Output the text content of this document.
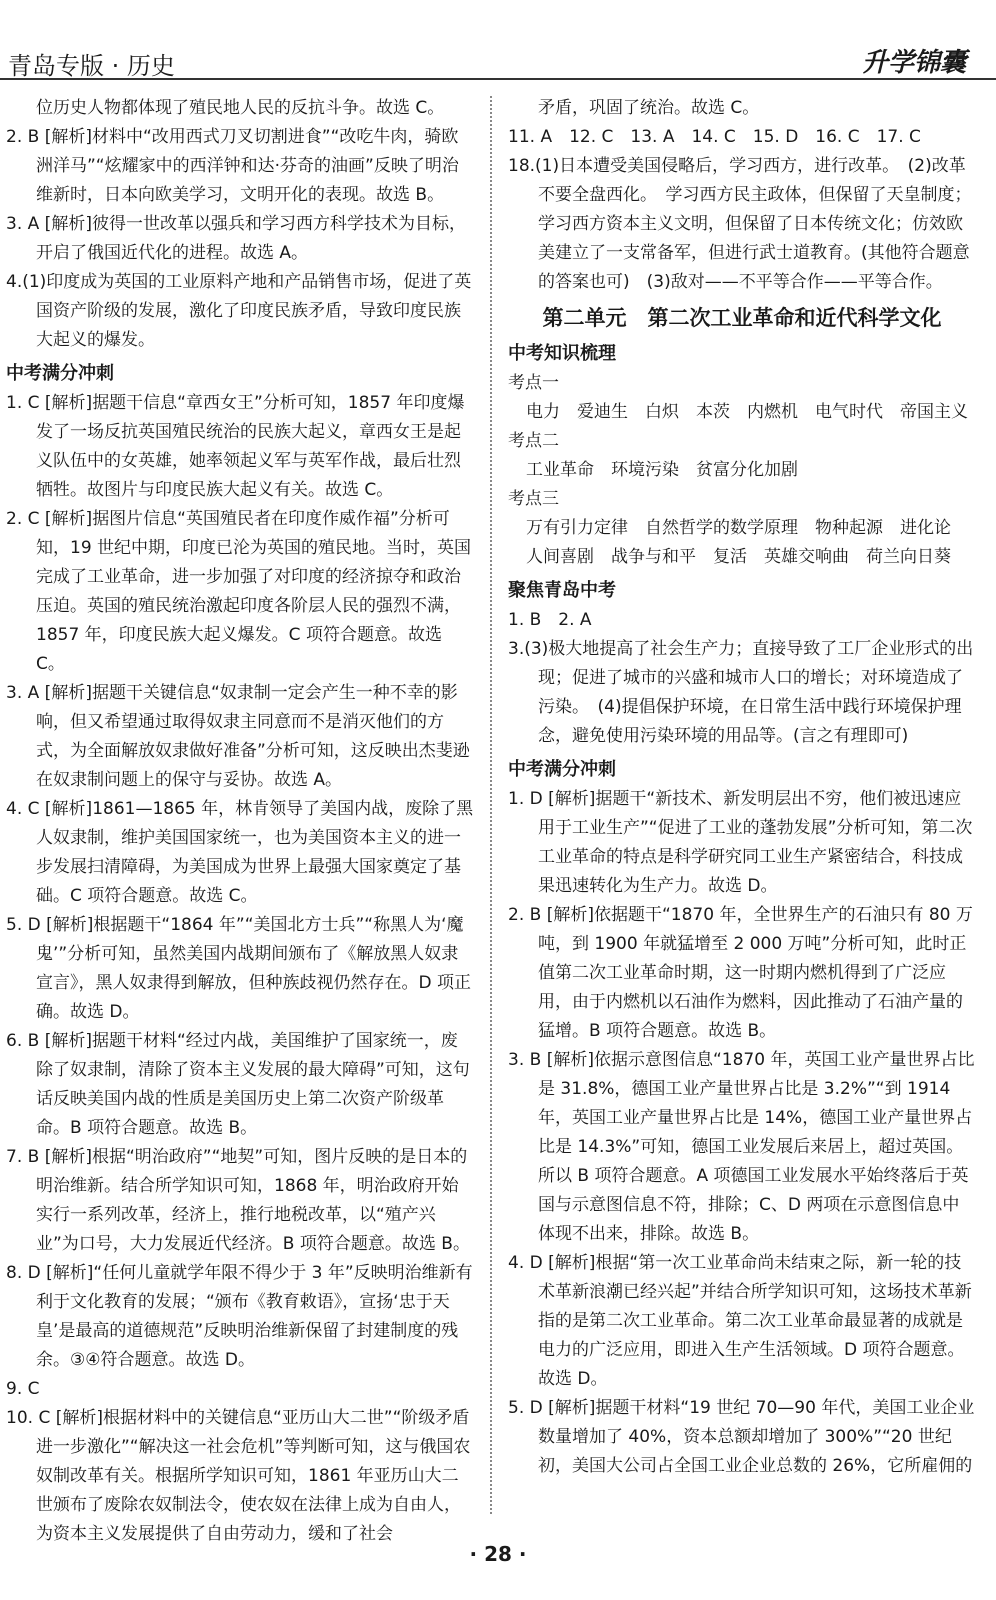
青岛专版 · 历史	升学锦囊

位历史人物都体现了殖民地人民的反抗斗争。故选 C。

2. B [解析]材料中“改用西式刀叉切割进食”“改吃牛肉，骑欧洲洋马”“炫耀家中的西洋钟和达·芬奇的油画”反映了明治维新时，日本向欧美学习，文明开化的表现。故选 B。

3. A [解析]彼得一世改革以强兵和学习西方科学技术为目标，开启了俄国近代化的进程。故选 A。

4.(1)印度成为英国的工业原料产地和产品销售市场，促进了英国资产阶级的发展，激化了印度民族矛盾，导致印度民族大起义的爆发。

中考满分冲刺

1. C [解析]据题干信息“章西女王”分析可知，1857 年印度爆发了一场反抗英国殖民统治的民族大起义，章西女王是起义队伍中的女英雄，她率领起义军与英军作战，最后壮烈牺牲。故图片与印度民族大起义有关。故选 C。

2. C [解析]据图片信息“英国殖民者在印度作威作福”分析可知，19 世纪中期，印度已沦为英国的殖民地。当时，英国完成了工业革命，进一步加强了对印度的经济掠夺和政治压迫。英国的殖民统治激起印度各阶层人民的强烈不满，1857 年，印度民族大起义爆发。C 项符合题意。故选 C。

3. A [解析]据题干关键信息“奴隶制一定会产生一种不幸的影响，但又希望通过取得奴隶主同意而不是消灭他们的方式，为全面解放奴隶做好准备”分析可知，这反映出杰斐逊在奴隶制问题上的保守与妥协。故选 A。

4. C [解析]1861—1865 年，林肯领导了美国内战，废除了黑人奴隶制，维护美国国家统一，也为美国资本主义的进一步发展扫清障碍，为美国成为世界上最强大国家奠定了基础。C 项符合题意。故选 C。

5. D [解析]根据题干“1864 年”“美国北方士兵”“称黑人为‘魔鬼’”分析可知，虽然美国内战期间颁布了《解放黑人奴隶宣言》，黑人奴隶得到解放，但种族歧视仍然存在。D 项正确。故选 D。

6. B [解析]据题干材料“经过内战，美国维护了国家统一，废除了奴隶制，清除了资本主义发展的最大障碍”可知，这句话反映美国内战的性质是美国历史上第二次资产阶级革命。B 项符合题意。故选 B。

7. B [解析]根据“明治政府”“地契”可知，图片反映的是日本的明治维新。结合所学知识可知，1868 年，明治政府开始实行一系列改革，经济上，推行地税改革，以“殖产兴业”为口号，大力发展近代经济。B 项符合题意。故选 B。

8. D [解析]“任何儿童就学年限不得少于 3 年”反映明治维新有利于文化教育的发展；“颁布《教育敕语》，宣扬‘忠于天皇’是最高的道德规范”反映明治维新保留了封建制度的残余。③④符合题意。故选 D。

9. C

10. C [解析]根据材料中的关键信息“亚历山大二世”“阶级矛盾进一步激化”“解决这一社会危机”等判断可知，这与俄国农奴制改革有关。根据所学知识可知，1861 年亚历山大二世颁布了废除农奴制法令，使农奴在法律上成为自由人，为资本主义发展提供了自由劳动力，缓和了社会

矛盾，巩固了统治。故选 C。

11. A　12. C　13. A　14. C　15. D　16. C　17. C

18.(1)日本遭受美国侵略后，学习西方，进行改革。　(2)改革不要全盘西化。　学习西方民主政体，但保留了天皇制度；学习西方资本主义文明，但保留了日本传统文化；仿效欧美建立了一支常备军，但进行武士道教育。(其他符合题意的答案也可)　(3)敌对——不平等合作——平等合作。

第二单元　第二次工业革命和近代科学文化

中考知识梳理

考点一

电力　爱迪生　白炽　本茨　内燃机　电气时代　帝国主义

考点二

工业革命　环境污染　贫富分化加剧

考点三

万有引力定律　自然哲学的数学原理　物种起源　进化论　人间喜剧　战争与和平　复活　英雄交响曲　荷兰向日葵

聚焦青岛中考

1. B　2. A

3.(3)极大地提高了社会生产力；直接导致了工厂企业形式的出现；促进了城市的兴盛和城市人口的增长；对环境造成了污染。　(4)提倡保护环境，在日常生活中践行环境保护理念，避免使用污染环境的用品等。(言之有理即可)

中考满分冲刺

1. D [解析]据题干“新技术、新发明层出不穷，他们被迅速应用于工业生产”“促进了工业的蓬勃发展”分析可知，第二次工业革命的特点是科学研究同工业生产紧密结合，科技成果迅速转化为生产力。故选 D。

2. B [解析]依据题干“1870 年，全世界生产的石油只有 80 万吨，到 1900 年就猛增至 2 000 万吨”分析可知，此时正值第二次工业革命时期，这一时期内燃机得到了广泛应用，由于内燃机以石油作为燃料，因此推动了石油产量的猛增。B 项符合题意。故选 B。

3. B [解析]依据示意图信息“1870 年，英国工业产量世界占比是 31.8%，德国工业产量世界占比是 3.2%”“到 1914 年，英国工业产量世界占比是 14%，德国工业产量世界占比是 14.3%”可知，德国工业发展后来居上，超过英国。所以 B 项符合题意。A 项德国工业发展水平始终落后于英国与示意图信息不符，排除；C、D 两项在示意图信息中体现不出来，排除。故选 B。

4. D [解析]根据“第一次工业革命尚未结束之际，新一轮的技术革新浪潮已经兴起”并结合所学知识可知，这场技术革新指的是第二次工业革命。第二次工业革命最显著的成就是电力的广泛应用，即进入生产生活领域。D 项符合题意。故选 D。

5. D [解析]据题干材料“19 世纪 70—90 年代，美国工业企业数量增加了 40%，资本总额却增加了 300%”“20 世纪初，美国大公司占全国工业企业总数的 26%，它所雇佣的

· 28 ·
